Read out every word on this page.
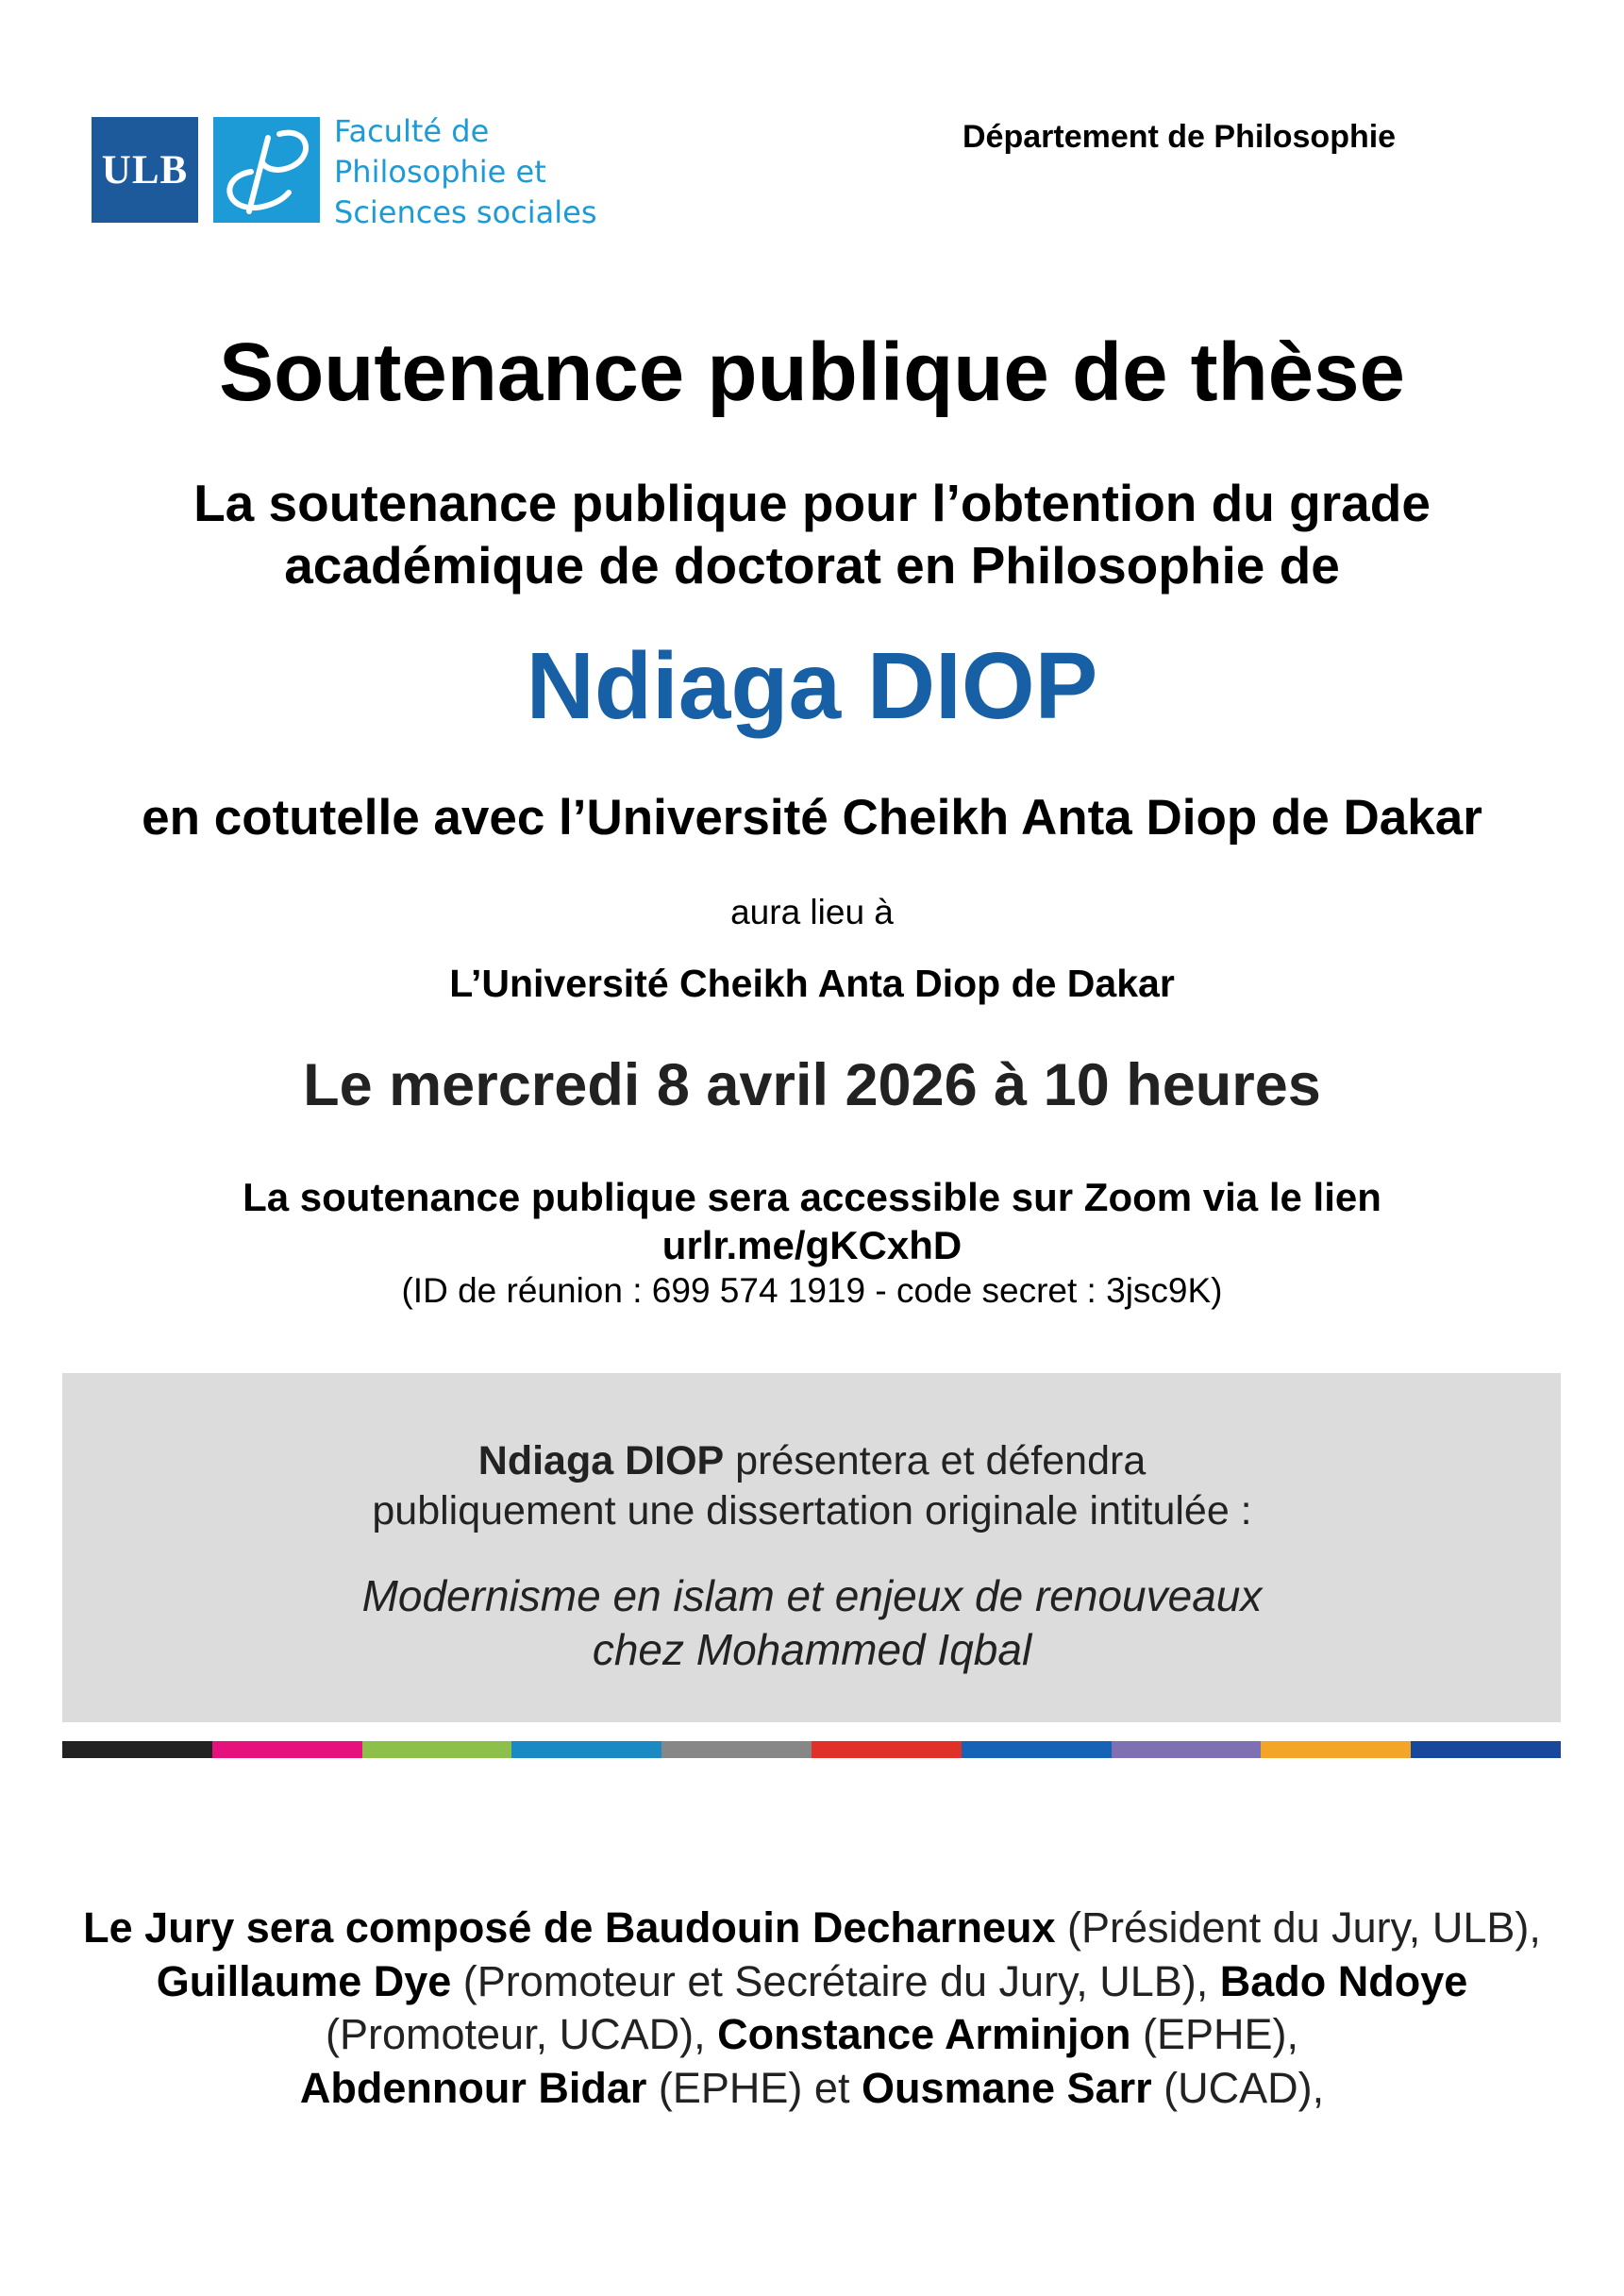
ULB
Faculté de
Philosophie et
Sciences sociales
Département de Philosophie
Soutenance publique de thèse
La soutenance publique pour l’obtention du grade
académique de doctorat en Philosophie de
Ndiaga DIOP
en cotutelle avec l’Université Cheikh Anta Diop de Dakar
aura lieu à
L’Université Cheikh Anta Diop de Dakar
Le mercredi 8 avril 2026 à 10 heures
La soutenance publique sera accessible sur Zoom via le lien
urlr.me/gKCxhD
(ID de réunion : 699 574 1919 - code secret : 3jsc9K)
Ndiaga DIOP présentera et défendra
publiquement une dissertation originale intitulée :
Modernisme en islam et enjeux de renouveaux
chez Mohammed Iqbal
Le Jury sera composé de Baudouin Decharneux (Président du Jury, ULB), Guillaume Dye (Promoteur et Secrétaire du Jury, ULB), Bado Ndoye (Promoteur, UCAD), Constance Arminjon (EPHE),
Abdennour Bidar (EPHE) et Ousmane Sarr (UCAD),
